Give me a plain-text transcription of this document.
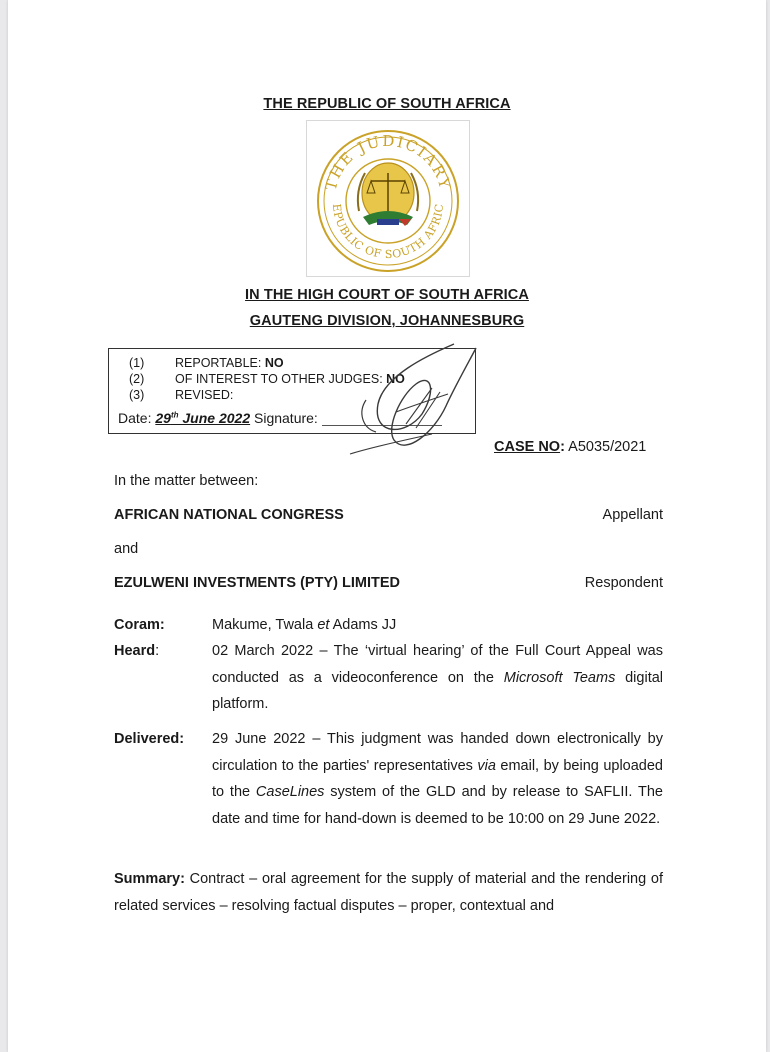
THE REPUBLIC OF SOUTH AFRICA
THE JUDICIARY
EPUBLIC OF SOUTH AFRIC
IN THE HIGH COURT OF SOUTH AFRICA
GAUTENG DIVISION, JOHANNESBURG
(1) REPORTABLE: NO
(2) OF INTEREST TO OTHER JUDGES: NO
(3) REVISED:
Date: 29th June 2022 Signature:
CASE NO: A5035/2021
In the matter between:
AFRICAN NATIONAL CONGRESS	Appellant
and
EZULWENI INVESTMENTS (PTY) LIMITED	Respondent
Coram:	Makume, Twala et Adams JJ
Heard:	02 March 2022 – The ‘virtual hearing’ of the Full Court Appeal was conducted as a videoconference on the Microsoft Teams digital platform.
Delivered: 29 June 2022 – This judgment was handed down electronically by circulation to the parties' representatives via email, by being uploaded to the CaseLines system of the GLD and by release to SAFLII. The date and time for hand-down is deemed to be 10:00 on 29 June 2022.
Summary: Contract – oral agreement for the supply of material and the rendering of related services – resolving factual disputes – proper, contextual and
